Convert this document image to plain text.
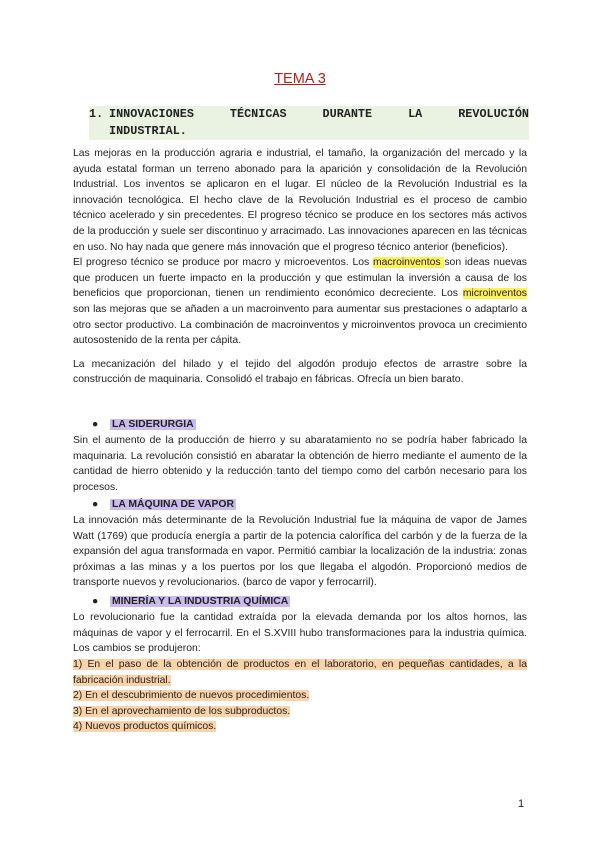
TEMA 3
1. INNOVACIONES	TÉCNICAS	DURANTE	LA	REVOLUCIÓN
INDUSTRIAL.

Las mejoras en la producción agraria e industrial, el tamaño, la organización del mercado y la ayuda estatal forman un terreno abonado para la aparición y consolidación de la Revolución Industrial. Los inventos se aplicaron en el lugar. El núcleo de la Revolución Industrial es la innovación tecnológica. El hecho clave de la Revolución Industrial es el proceso de cambio técnico acelerado y sin precedentes. El progreso técnico se produce en los sectores más activos de la producción y suele ser discontinuo y arracimado. Las innovaciones aparecen en las técnicas en uso. No hay nada que genere más innovación que el progreso técnico anterior (beneficios).

El progreso técnico se produce por macro y microeventos. Los macroinventos son ideas nuevas que producen un fuerte impacto en la producción y que estimulan la inversión a causa de los beneficios que proporcionan, tienen un rendimiento económico decreciente. Los microinventos son las mejoras que se añaden a un macroinvento para aumentar sus prestaciones o adaptarlo a otro sector productivo. La combinación de macroinventos y microinventos provoca un crecimiento autosostenido de la renta per cápita.

La mecanización del hilado y el tejido del algodón produjo efectos de arrastre sobre la construcción de maquinaria. Consolidó el trabajo en fábricas. Ofrecía un bien barato.

● LA SIDERURGIA

Sin el aumento de la producción de hierro y su abaratamiento no se podría haber fabricado la maquinaria. La revolución consistió en abaratar la obtención de hierro mediante el aumento de la cantidad de hierro obtenido y la reducción tanto del tiempo como del carbón necesario para los procesos.

● LA MÁQUINA DE VAPOR

La innovación más determinante de la Revolución Industrial fue la máquina de vapor de James Watt (1769) que producía energía a partir de la potencia calorífica del carbón y de la fuerza de la expansión del agua transformada en vapor. Permitió cambiar la localización de la industria: zonas próximas a las minas y a los puertos por los que llegaba el algodón. Proporcionó medios de transporte nuevos y revolucionarios. (barco de vapor y ferrocarril).

● MINERÍA Y LA INDUSTRIA QUÍMICA

Lo revolucionario fue la cantidad extraída por la elevada demanda por los altos hornos, las máquinas de vapor y el ferrocarril. En el S.XVIII hubo transformaciones para la industria química. Los cambios se produjeron:

1) En el paso de la obtención de productos en el laboratorio, en pequeñas cantidades, a la fabricación industrial.

2) En el descubrimiento de nuevos procedimientos.

3) En el aprovechamiento de los subproductos.

4) Nuevos productos químicos.

1
